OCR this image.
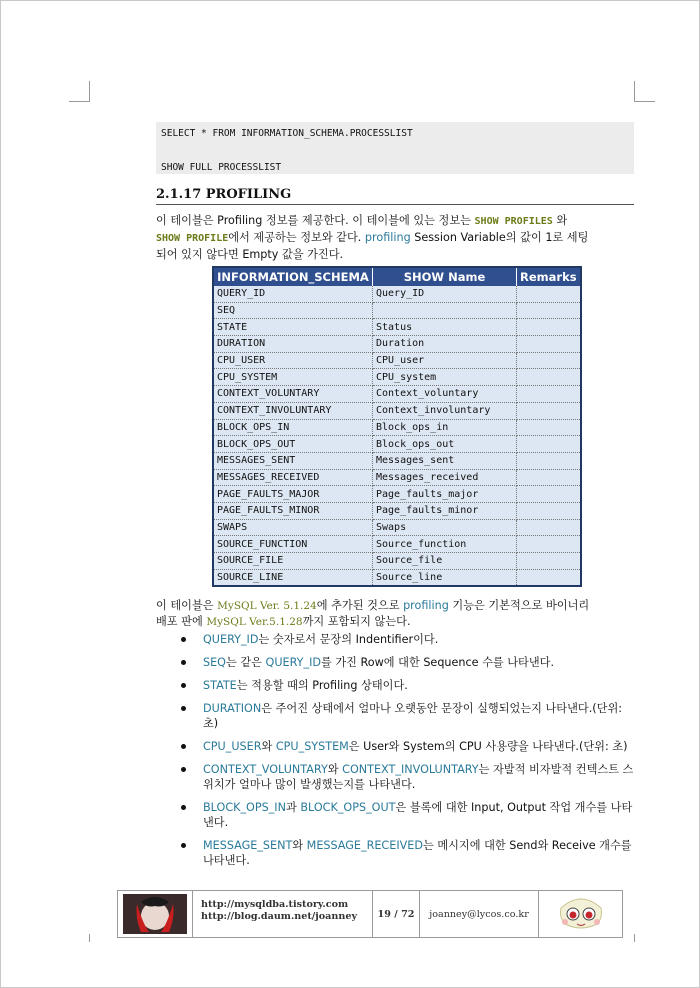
SELECT * FROM INFORMATION_SCHEMA.PROCESSLIST
SHOW FULL PROCESSLIST
2.1.17 PROFILING
이 테이블은 Profiling 정보를 제공한다. 이 테이블에 있는 정보는 SHOW PROFILES 와
SHOW PROFILE에서 제공하는 정보와 같다. profiling Session Variable의 값이 1로 세팅
되어 있지 않다면 Empty 값을 가진다.
INFORMATION_SCHEMA	SHOW Name	Remarks
QUERY_ID	Query_ID	
SEQ		
STATE	Status	
DURATION	Duration	
CPU_USER	CPU_user	
CPU_SYSTEM	CPU_system	
CONTEXT_VOLUNTARY	Context_voluntary	
CONTEXT_INVOLUNTARY	Context_involuntary	
BLOCK_OPS_IN	Block_ops_in	
BLOCK_OPS_OUT	Block_ops_out	
MESSAGES_SENT	Messages_sent	
MESSAGES_RECEIVED	Messages_received	
PAGE_FAULTS_MAJOR	Page_faults_major	
PAGE_FAULTS_MINOR	Page_faults_minor	
SWAPS	Swaps	
SOURCE_FUNCTION	Source_function	
SOURCE_FILE	Source_file	
SOURCE_LINE	Source_line	
이 테이블은 MySQL Ver. 5.1.24에 추가된 것으로 profiling 기능은 기본적으로 바이너리
배포 판에 MySQL Ver.5.1.28까지 포함되지 않는다.
QUERY_ID는 숫자로서 문장의 Indentifier이다.
SEQ는 같은 QUERY_ID를 가진 Row에 대한 Sequence 수를 나타낸다.
STATE는 적용할 때의 Profiling 상태이다.
DURATION은 주어진 상태에서 얼마나 오랫동안 문장이 실행되었는지 나타낸다.(단위: 초)
CPU_USER와 CPU_SYSTEM은 User와 System의 CPU 사용량을 나타낸다.(단위: 초)
CONTEXT_VOLUNTARY와 CONTEXT_INVOLUNTARY는 자발적 비자발적 컨텍스트 스위치가 얼마나 많이 발생했는지를 나타낸다.
BLOCK_OPS_IN과 BLOCK_OPS_OUT은 블록에 대한 Input, Output 작업 개수를 나타낸다.
MESSAGE_SENT와 MESSAGE_RECEIVED는 메시지에 대한 Send와 Receive 개수를 나타낸다.
http://mysqldba.tistory.com
http://blog.daum.net/joanney	19 / 72	joanney@lycos.co.kr
